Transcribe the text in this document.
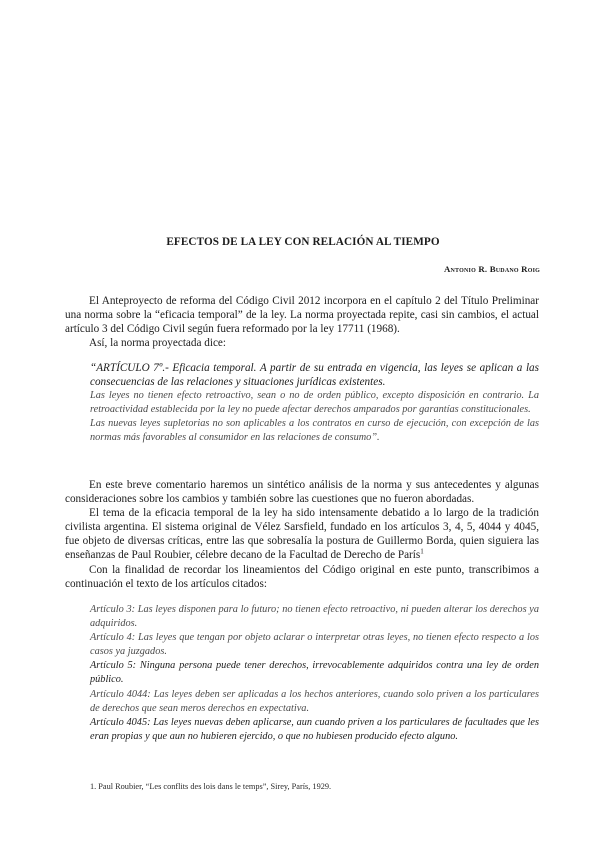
EFECTOS DE LA LEY CON RELACIÓN AL TIEMPO
Antonio R. Budano Roig

El Anteproyecto de reforma del Código Civil 2012 incorpora en el capítulo 2 del Título Preliminar una norma sobre la “eficacia temporal” de la ley. La norma proyectada repite, casi sin cambios, el actual artículo 3 del Código Civil según fuera reformado por la ley 17711 (1968).

Así, la norma proyectada dice:

“ARTÍCULO 7º.- Eficacia temporal. A partir de su entrada en vigencia, las leyes se aplican a las consecuencias de las relaciones y situaciones jurídicas existentes.

Las leyes no tienen efecto retroactivo, sean o no de orden público, excepto disposición en contrario. La retroactividad establecida por la ley no puede afectar derechos amparados por garantías constitucionales.

Las nuevas leyes supletorias no son aplicables a los contratos en curso de ejecución, con excepción de las normas más favorables al consumidor en las relaciones de consumo”.

En este breve comentario haremos un sintético análisis de la norma y sus antecedentes y algunas consideraciones sobre los cambios y también sobre las cuestiones que no fueron abordadas.

El tema de la eficacia temporal de la ley ha sido intensamente debatido a lo largo de la tradición civilista argentina. El sistema original de Vélez Sarsfield, fundado en los artículos 3, 4, 5, 4044 y 4045, fue objeto de diversas críticas, entre las que sobresalía la postura de Guillermo Borda, quien siguiera las enseñanzas de Paul Roubier, célebre decano de la Facultad de Derecho de París$^1$

Con la finalidad de recordar los lineamientos del Código original en este punto, transcribimos a continuación el texto de los artículos citados:

Artículo 3: Las leyes disponen para lo futuro; no tienen efecto retroactivo, ni pueden alterar los derechos ya adquiridos.

Artículo 4: Las leyes que tengan por objeto aclarar o interpretar otras leyes, no tienen efecto respecto a los casos ya juzgados.

Artículo 5: Ninguna persona puede tener derechos, irrevocablemente adquiridos contra una ley de orden público.

Artículo 4044: Las leyes deben ser aplicadas a los hechos anteriores, cuando solo priven a los particulares de derechos que sean meros derechos en expectativa.

Artículo 4045: Las leyes nuevas deben aplicarse, aun cuando priven a los particulares de facultades que les eran propias y que aun no hubieren ejercido, o que no hubiesen producido efecto alguno.

1. Paul Roubier, “Les conflits des lois dans le temps”, Sirey, París, 1929.
